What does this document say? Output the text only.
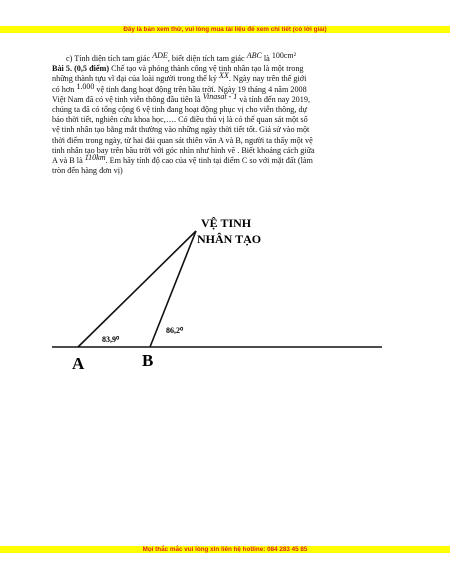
Đây là bản xem thử, vui lòng mua tài liệu để xem chi tiết (có lời giải)
c) Tính diện tích tam giác ADE, biết diện tích tam giác ABC là 100cm²
Bài 5. (0,5 điểm) Chế tạo và phóng thành công vệ tinh nhân tạo là một trong
những thành tựu vĩ đại của loài người trong thế kỷ XX. Ngày nay trên thế giới
có hơn 1.000 vệ tinh đang hoạt động trên bầu trời. Ngày 19 tháng 4 năm 2008
Việt Nam đã có vệ tinh viễn thông đầu tiên là Vinasat - 1 và tính đến nay 2019,
chúng ta đã có tổng cộng 6 vệ tinh đang hoạt động phục vị cho viễn thông, dự
báo thời tiết, nghiên cứu khoa học,…. Có điều thú vị là có thể quan sát một số
vệ tinh nhân tạo bằng mắt thường vào những ngày thời tiết tốt. Giả sử vào một
thời điểm trong ngày, từ hai đài quan sát thiên văn A và B, người ta thấy một vệ
tinh nhân tạo bay trên bầu trời với góc nhìn như hình vẽ . Biết khoảng cách giữa
A và B là 110km. Em hãy tính độ cao của vệ tinh tại điểm C so với mặt đất (làm
tròn đến hàng đơn vị)
VỆ TINH
NHÂN TẠO
83,9⁰
86,2⁰
A	B
Mọi thắc mắc vui lòng xin liên hệ hotline: 084 283 45 85
